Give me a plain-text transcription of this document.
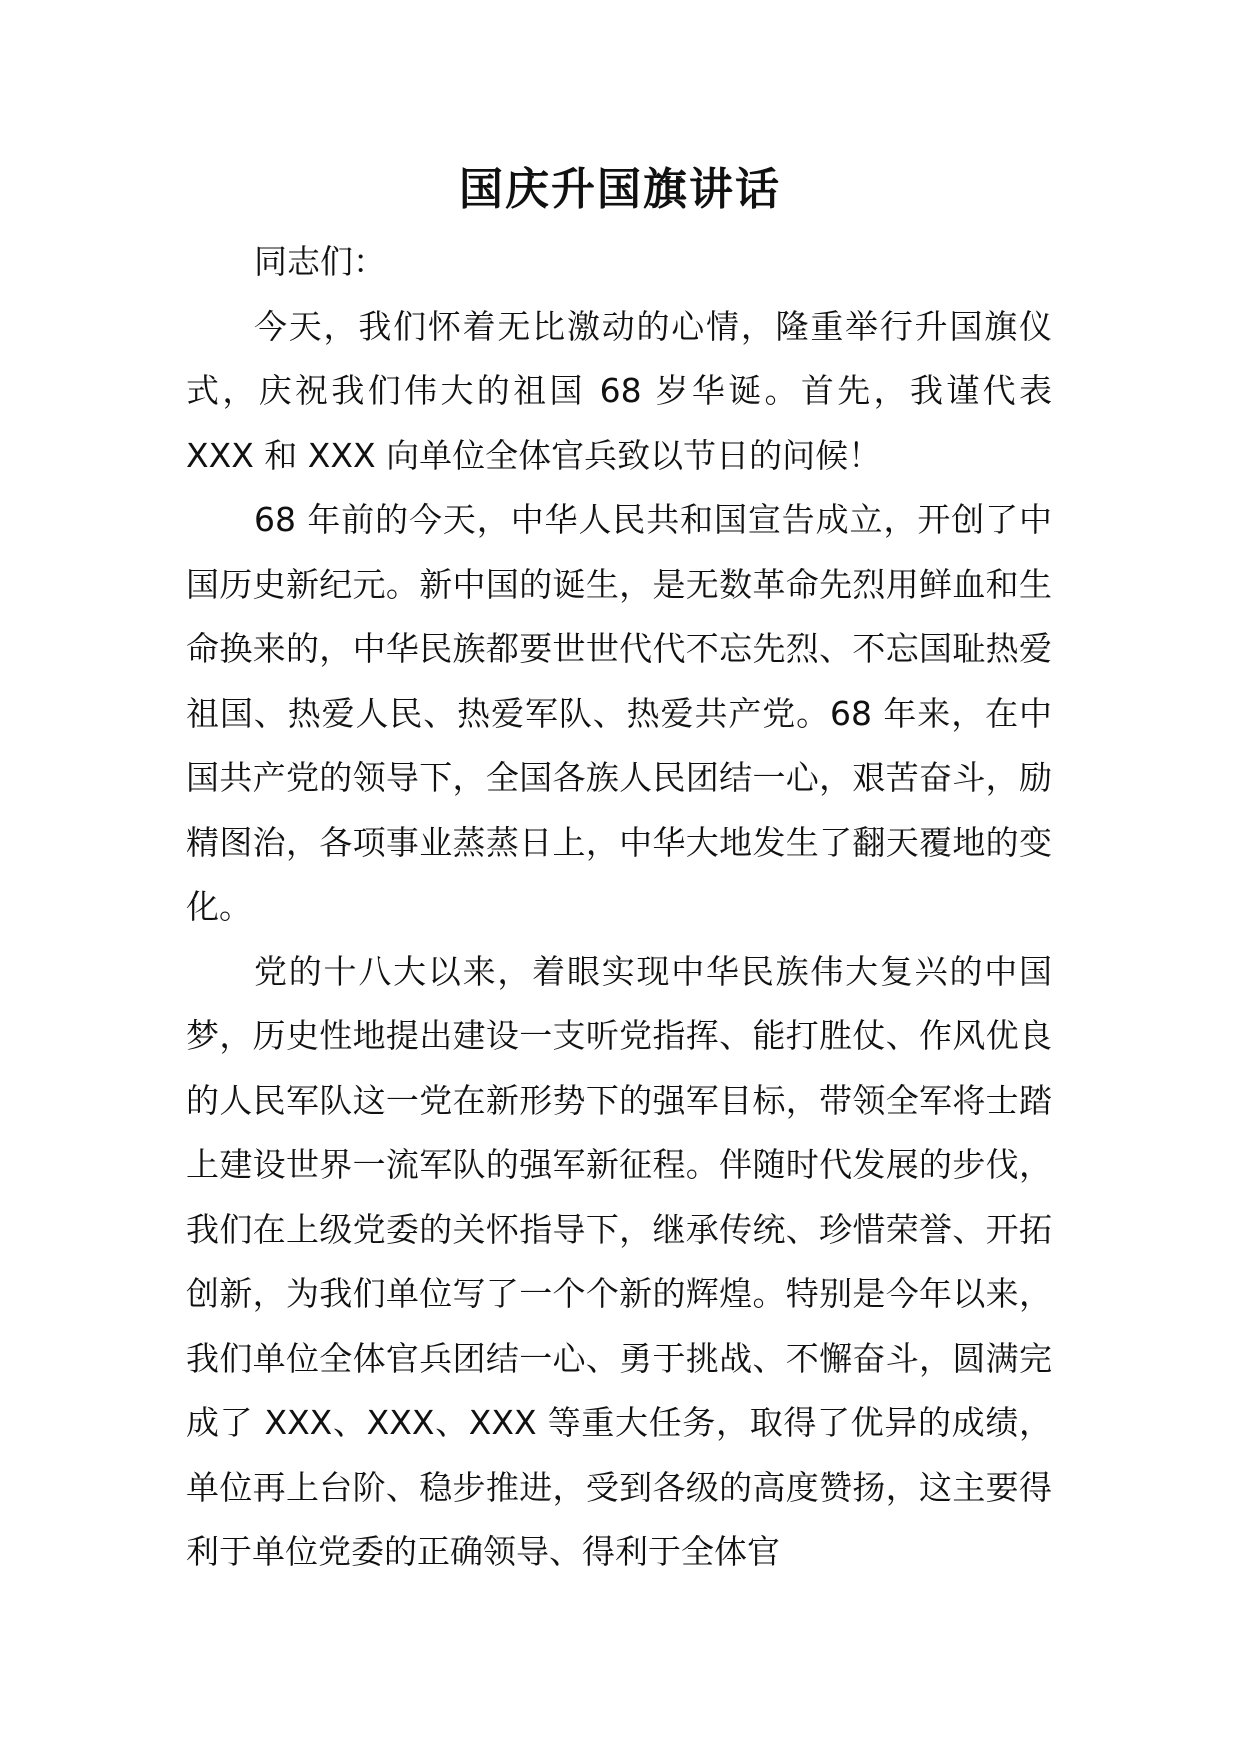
国庆升国旗讲话

同志们：

今天，我们怀着无比激动的心情，隆重举行升国旗仪式，庆祝我们伟大的祖国 68 岁华诞。首先，我谨代表 XXX 和 XXX 向单位全体官兵致以节日的问候！

68 年前的今天，中华人民共和国宣告成立，开创了中国历史新纪元。新中国的诞生，是无数革命先烈用鲜血和生命换来的，中华民族都要世世代代不忘先烈、不忘国耻热爱祖国、热爱人民、热爱军队、热爱共产党。68 年来，在中国共产党的领导下，全国各族人民团结一心，艰苦奋斗，励精图治，各项事业蒸蒸日上，中华大地发生了翻天覆地的变化。

党的十八大以来，着眼实现中华民族伟大复兴的中国梦，历史性地提出建设一支听党指挥、能打胜仗、作风优良的人民军队这一党在新形势下的强军目标，带领全军将士踏上建设世界一流军队的强军新征程。伴随时代发展的步伐，我们在上级党委的关怀指导下，继承传统、珍惜荣誉、开拓创新，为我们单位写了一个个新的辉煌。特别是今年以来，我们单位全体官兵团结一心、勇于挑战、不懈奋斗，圆满完成了 XXX、XXX、XXX 等重大任务，取得了优异的成绩，单位再上台阶、稳步推进，受到各级的高度赞扬，这主要得利于单位党委的正确领导、得利于全体官
